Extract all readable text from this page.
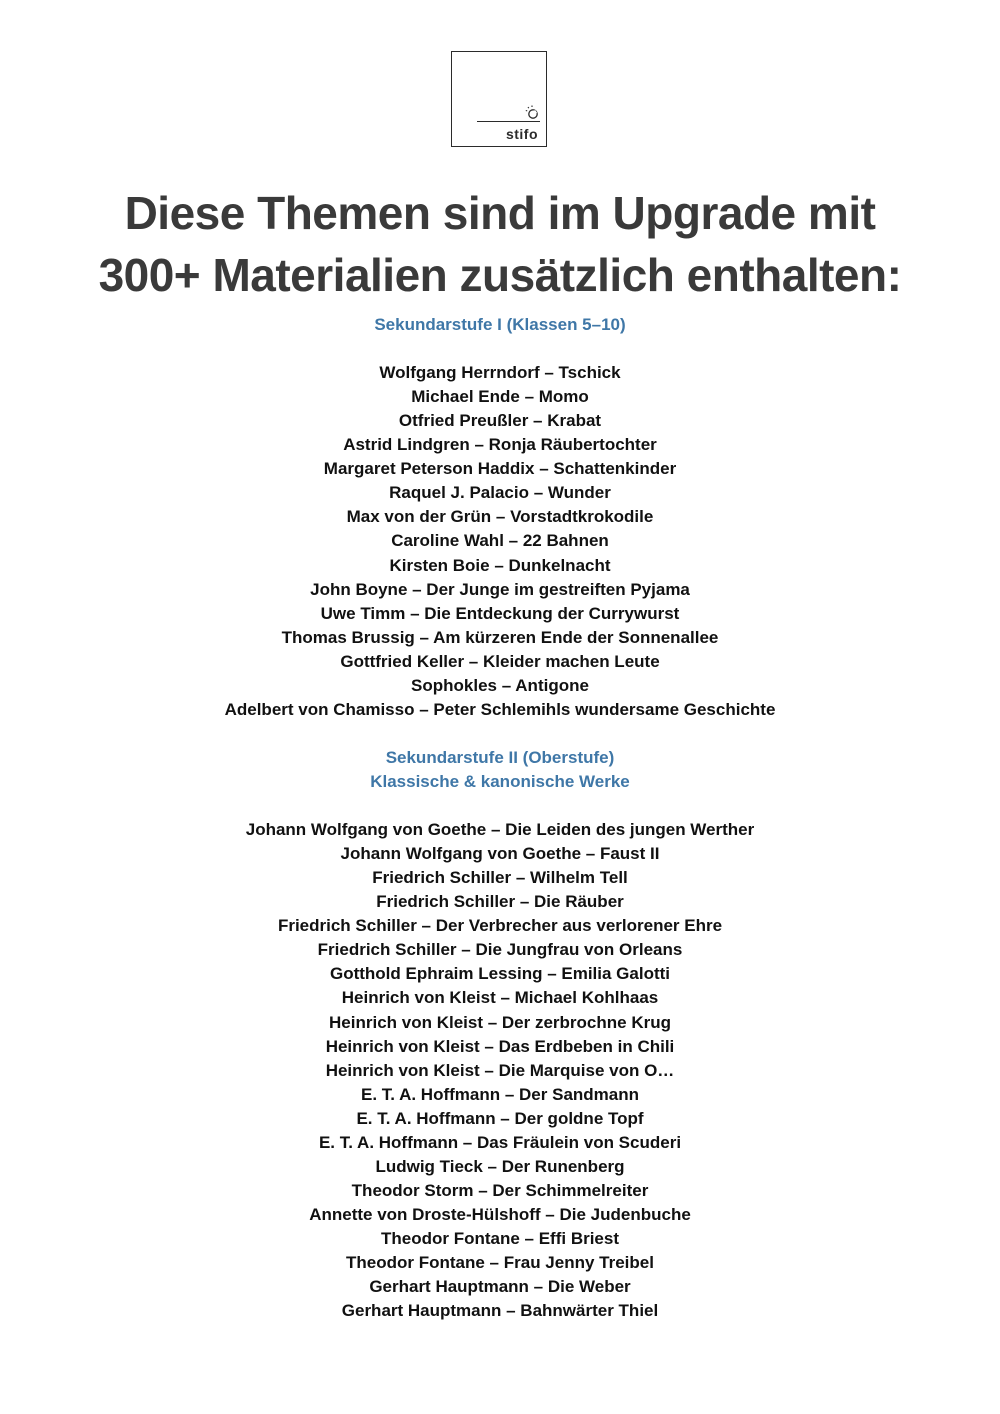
stifo
Diese Themen sind im Upgrade mit
300+ Materialien zusätzlich enthalten:
Sekundarstufe I (Klassen 5–10)
Wolfgang Herrndorf – Tschick
Michael Ende – Momo
Otfried Preußler – Krabat
Astrid Lindgren – Ronja Räubertochter
Margaret Peterson Haddix – Schattenkinder
Raquel J. Palacio – Wunder
Max von der Grün – Vorstadtkrokodile
Caroline Wahl – 22 Bahnen
Kirsten Boie – Dunkelnacht
John Boyne – Der Junge im gestreiften Pyjama
Uwe Timm – Die Entdeckung der Currywurst
Thomas Brussig – Am kürzeren Ende der Sonnenallee
Gottfried Keller – Kleider machen Leute
Sophokles – Antigone
Adelbert von Chamisso – Peter Schlemihls wundersame Geschichte
Sekundarstufe II (Oberstufe)
Klassische & kanonische Werke
Johann Wolfgang von Goethe – Die Leiden des jungen Werther
Johann Wolfgang von Goethe – Faust II
Friedrich Schiller – Wilhelm Tell
Friedrich Schiller – Die Räuber
Friedrich Schiller – Der Verbrecher aus verlorener Ehre
Friedrich Schiller – Die Jungfrau von Orleans
Gotthold Ephraim Lessing – Emilia Galotti
Heinrich von Kleist – Michael Kohlhaas
Heinrich von Kleist – Der zerbrochne Krug
Heinrich von Kleist – Das Erdbeben in Chili
Heinrich von Kleist – Die Marquise von O…
E. T. A. Hoffmann – Der Sandmann
E. T. A. Hoffmann – Der goldne Topf
E. T. A. Hoffmann – Das Fräulein von Scuderi
Ludwig Tieck – Der Runenberg
Theodor Storm – Der Schimmelreiter
Annette von Droste-Hülshoff – Die Judenbuche
Theodor Fontane – Effi Briest
Theodor Fontane – Frau Jenny Treibel
Gerhart Hauptmann – Die Weber
Gerhart Hauptmann – Bahnwärter Thiel
